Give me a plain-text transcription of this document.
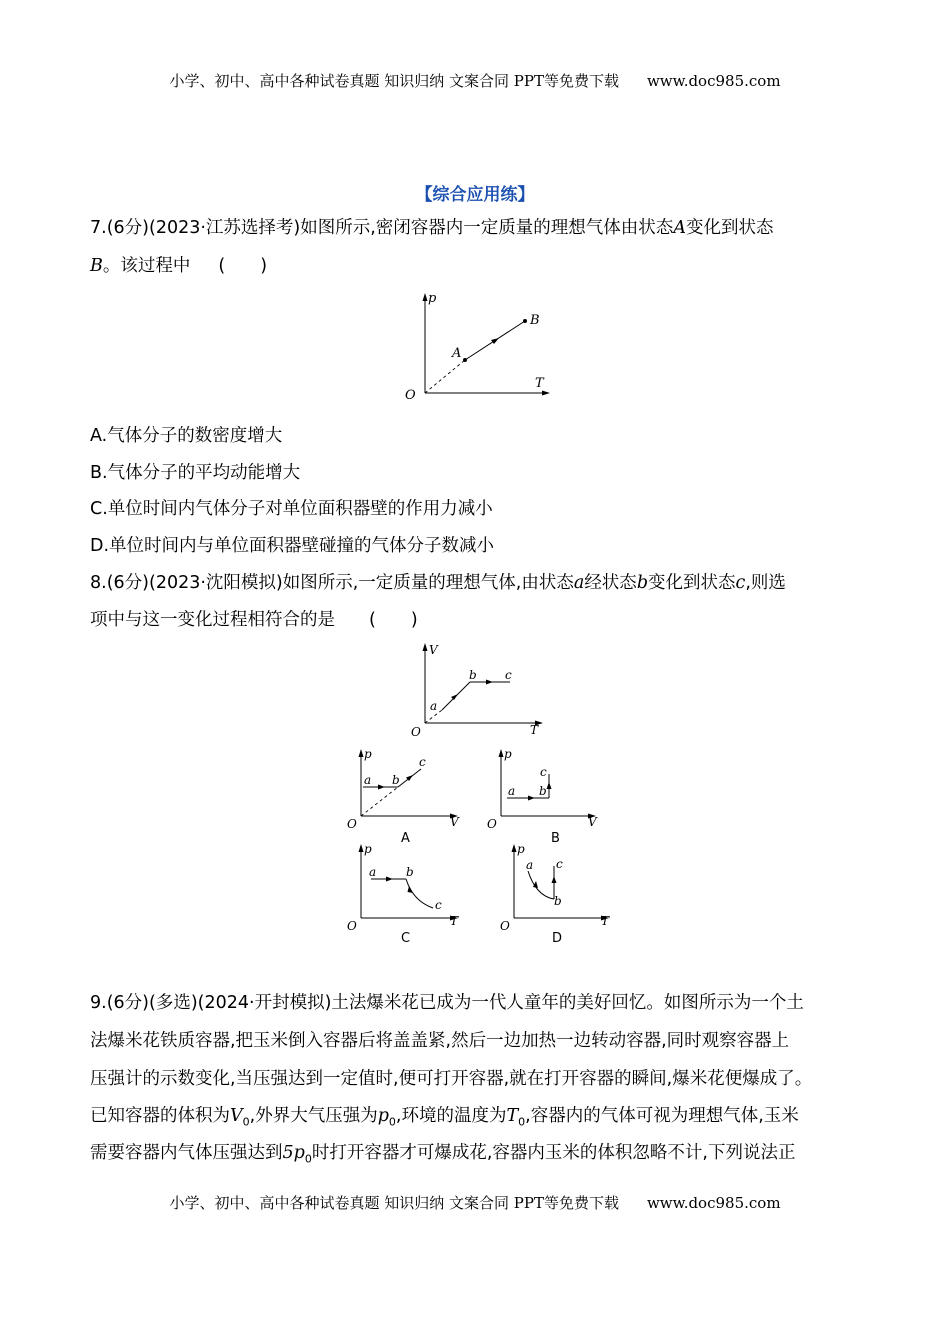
小学、初中、高中各种试卷真题 知识归纳 文案合同 PPT等免费下载 www.doc985.com
【综合应用练】
7.(6分)(2023·江苏选择考)如图所示,密闭容器内一定质量的理想气体由状态A变化到状态
B。该过程中 (　　)
p
T
O
A
B
A.气体分子的数密度增大
B.气体分子的平均动能增大
C.单位时间内气体分子对单位面积器壁的作用力减小
D.单位时间内与单位面积器壁碰撞的气体分子数减小
8.(6分)(2023·沈阳模拟)如图所示,一定质量的理想气体,由状态a经状态b变化到状态c,则选
项中与这一变化过程相符合的是 (　　)
V
T
O
a
b c
p
V
O
a b
c
A
p
V
O
a b
c
B
p
T
O
a b
c
C
p
T
O
a
b
c
D
9.(6分)(多选)(2024·开封模拟)土法爆米花已成为一代人童年的美好回忆。如图所示为一个土
法爆米花铁质容器,把玉米倒入容器后将盖盖紧,然后一边加热一边转动容器,同时观察容器上
压强计的示数变化,当压强达到一定值时,便可打开容器,就在打开容器的瞬间,爆米花便爆成了。
已知容器的体积为$V_0$,外界大气压强为$p_0$,环境的温度为$T_0$,容器内的气体可视为理想气体,玉米
需要容器内气体压强达到$5p_0$时打开容器才可爆成花,容器内玉米的体积忽略不计,下列说法正
小学、初中、高中各种试卷真题 知识归纳 文案合同 PPT等免费下载 www.doc985.com
